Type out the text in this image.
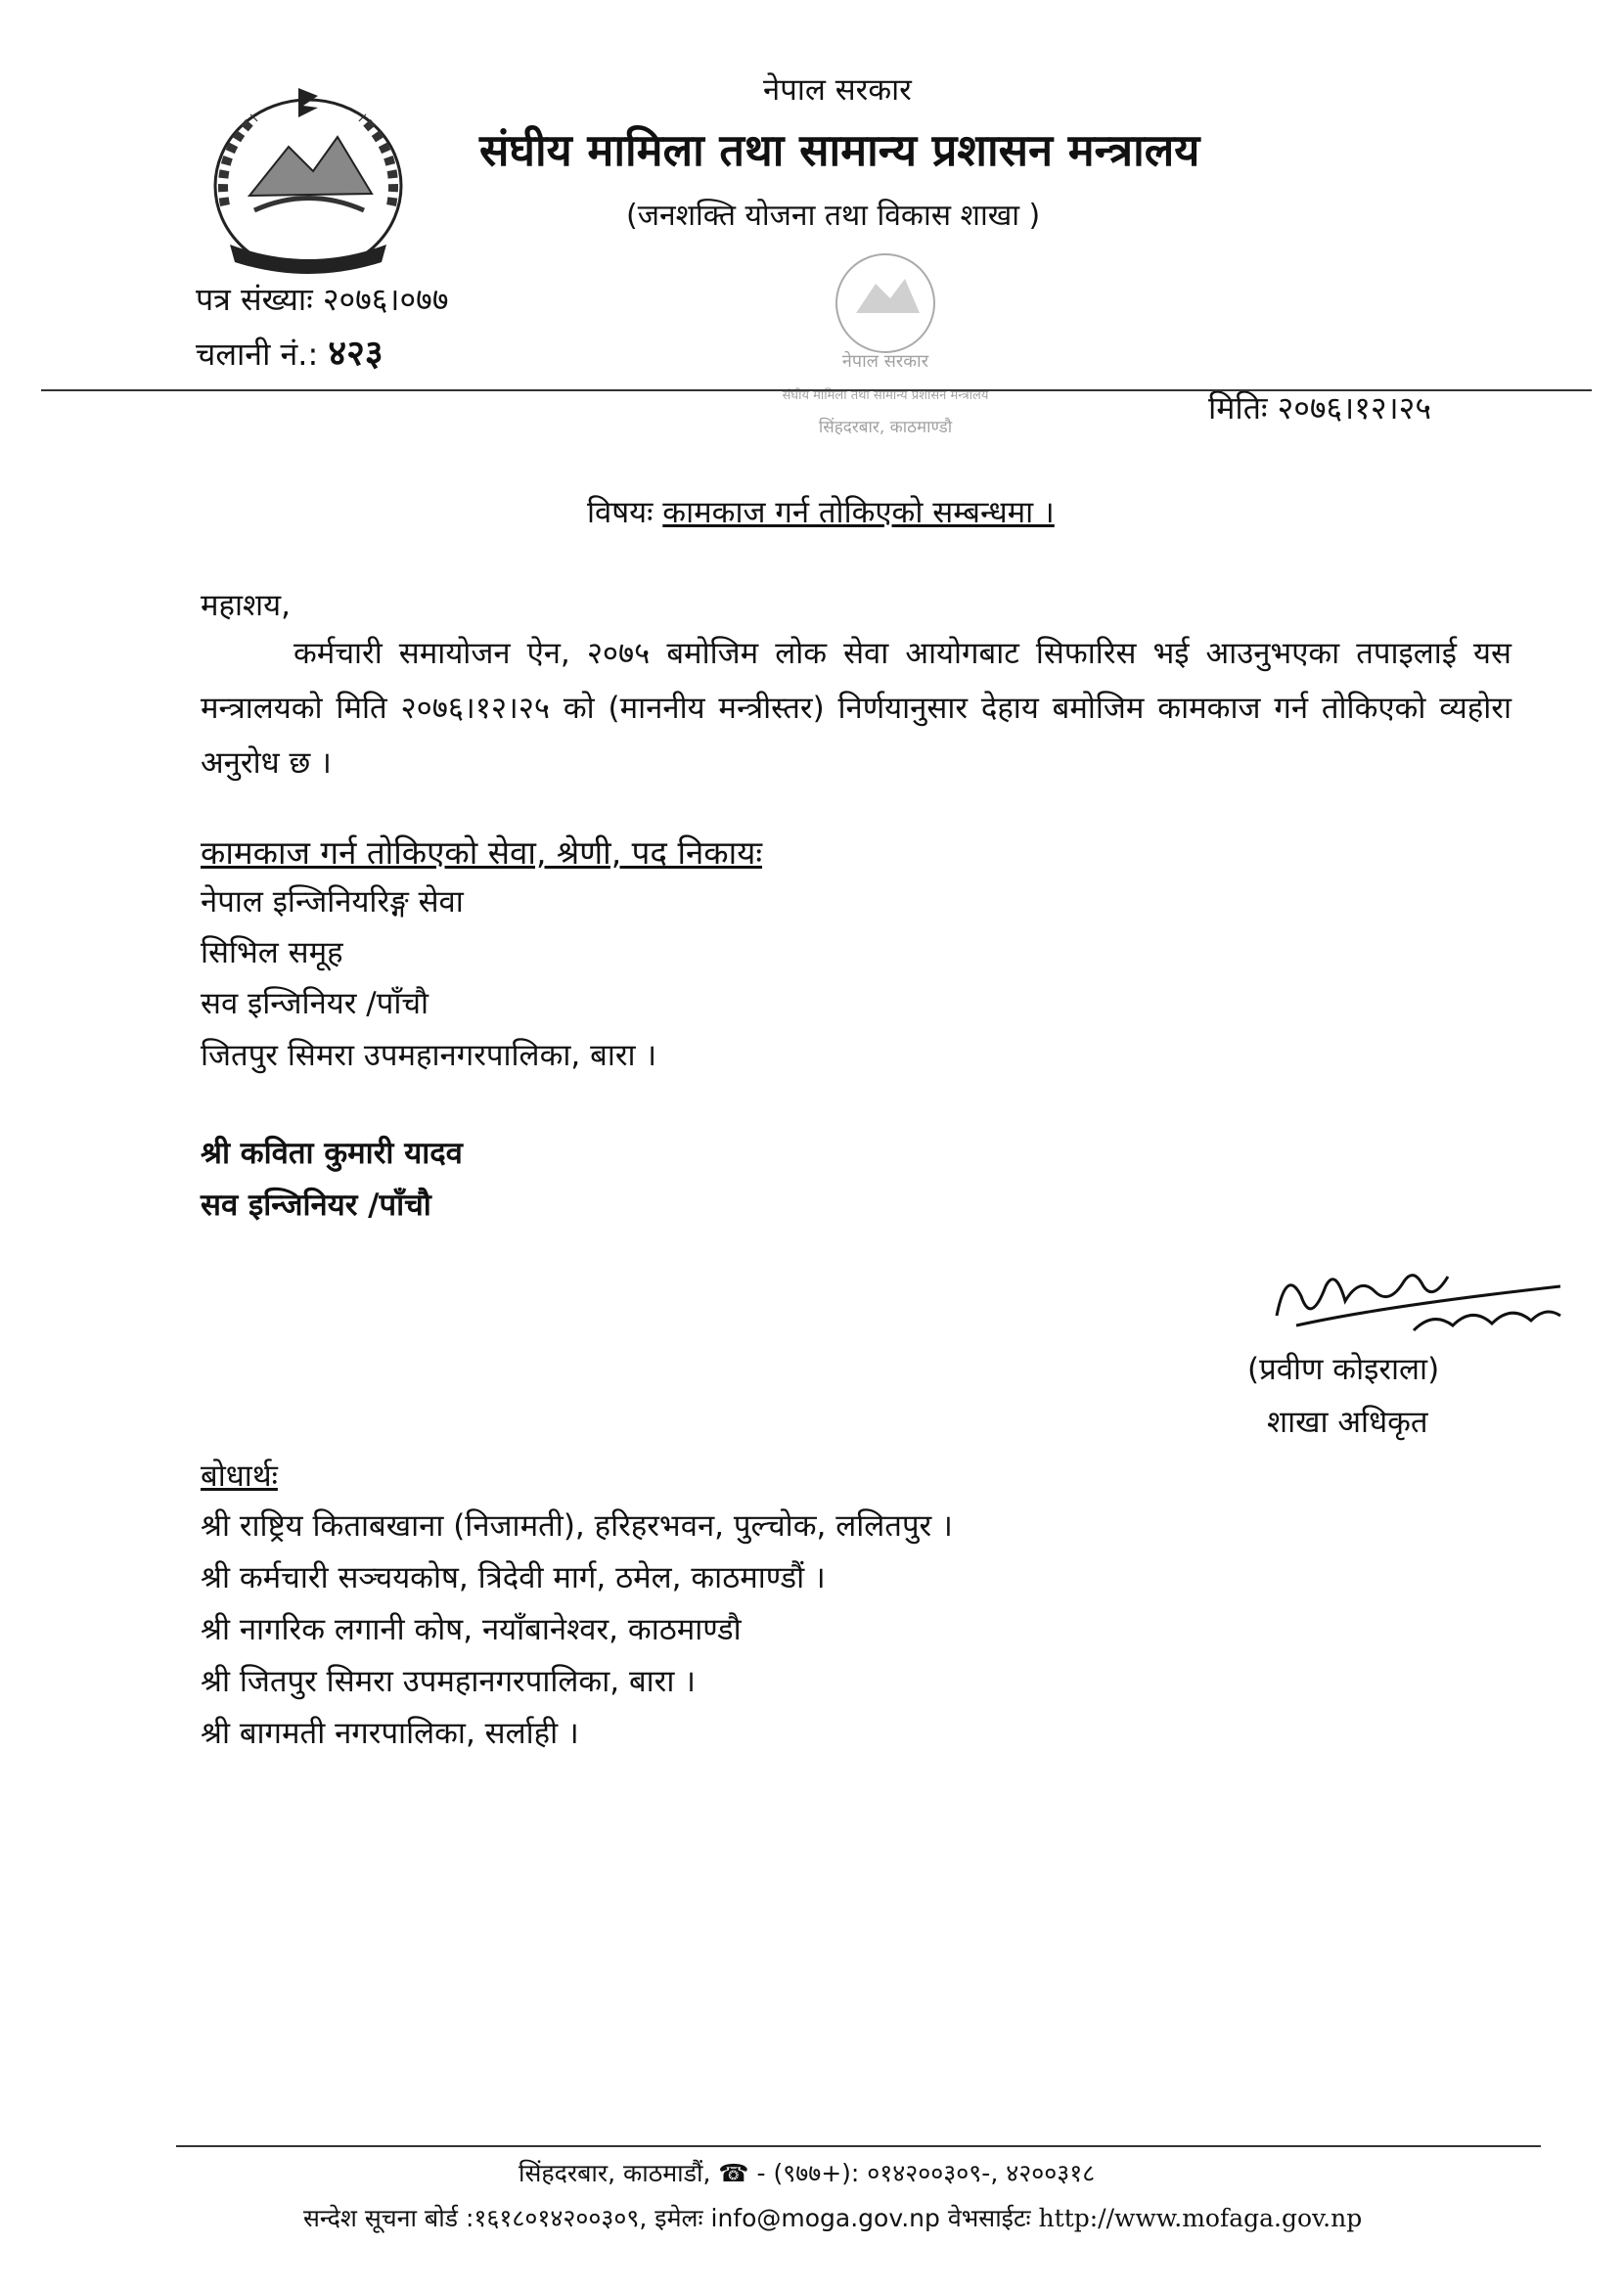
नेपाल सरकार
संघीय मामिला तथा सामान्य प्रशासन मन्त्रालय
(जनशक्ति योजना तथा विकास शाखा )
पत्र संख्याः २०७६।०७७
चलानी नं.: ४२३	नेपाल सरकार
संघीय मामिला तथा सामान्य प्रशासन मन्त्रालय
सिंहदरबार, काठमाण्डौ
मितिः २०७६।१२।२५
विषयः कामकाज गर्न तोकिएको सम्बन्धमा ।
महाशय,
कर्मचारी समायोजन ऐन, २०७५ बमोजिम लोक सेवा आयोगबाट सिफारिस भई आउनुभएका तपाइलाई यस मन्त्रालयको मिति २०७६।१२।२५ को (माननीय मन्त्रीस्तर) निर्णयानुसार देहाय बमोजिम कामकाज गर्न तोकिएको व्यहोरा अनुरोध छ ।
कामकाज गर्न तोकिएको सेवा, श्रेणी, पद निकायः
नेपाल इन्जिनियरिङ्ग सेवा
सिभिल समूह
सव इन्जिनियर /पाँचौ
जितपुर सिमरा उपमहानगरपालिका, बारा ।
श्री कविता कुमारी यादव
सव इन्जिनियर /पाँचौ
(प्रवीण कोइराला)
शाखा अधिकृत
बोधार्थः
श्री राष्ट्रिय किताबखाना (निजामती), हरिहरभवन, पुल्चोक, ललितपुर ।
श्री कर्मचारी सञ्चयकोष, त्रिदेवी मार्ग, ठमेल, काठमाण्डौं ।
श्री नागरिक लगानी कोष, नयाँबानेश्वर, काठमाण्डौ
श्री जितपुर सिमरा उपमहानगरपालिका, बारा ।
श्री बागमती नगरपालिका, सर्लाही ।
सिंहदरबार, काठमाडौं, ☎ - (९७७+): ०१४२००३०९-, ४२००३१८
सन्देश सूचना बोर्ड :१६१८०१४२००३०९, इमेलः info@moga.gov.np वेभसाईटः http://www.mofaga.gov.np
